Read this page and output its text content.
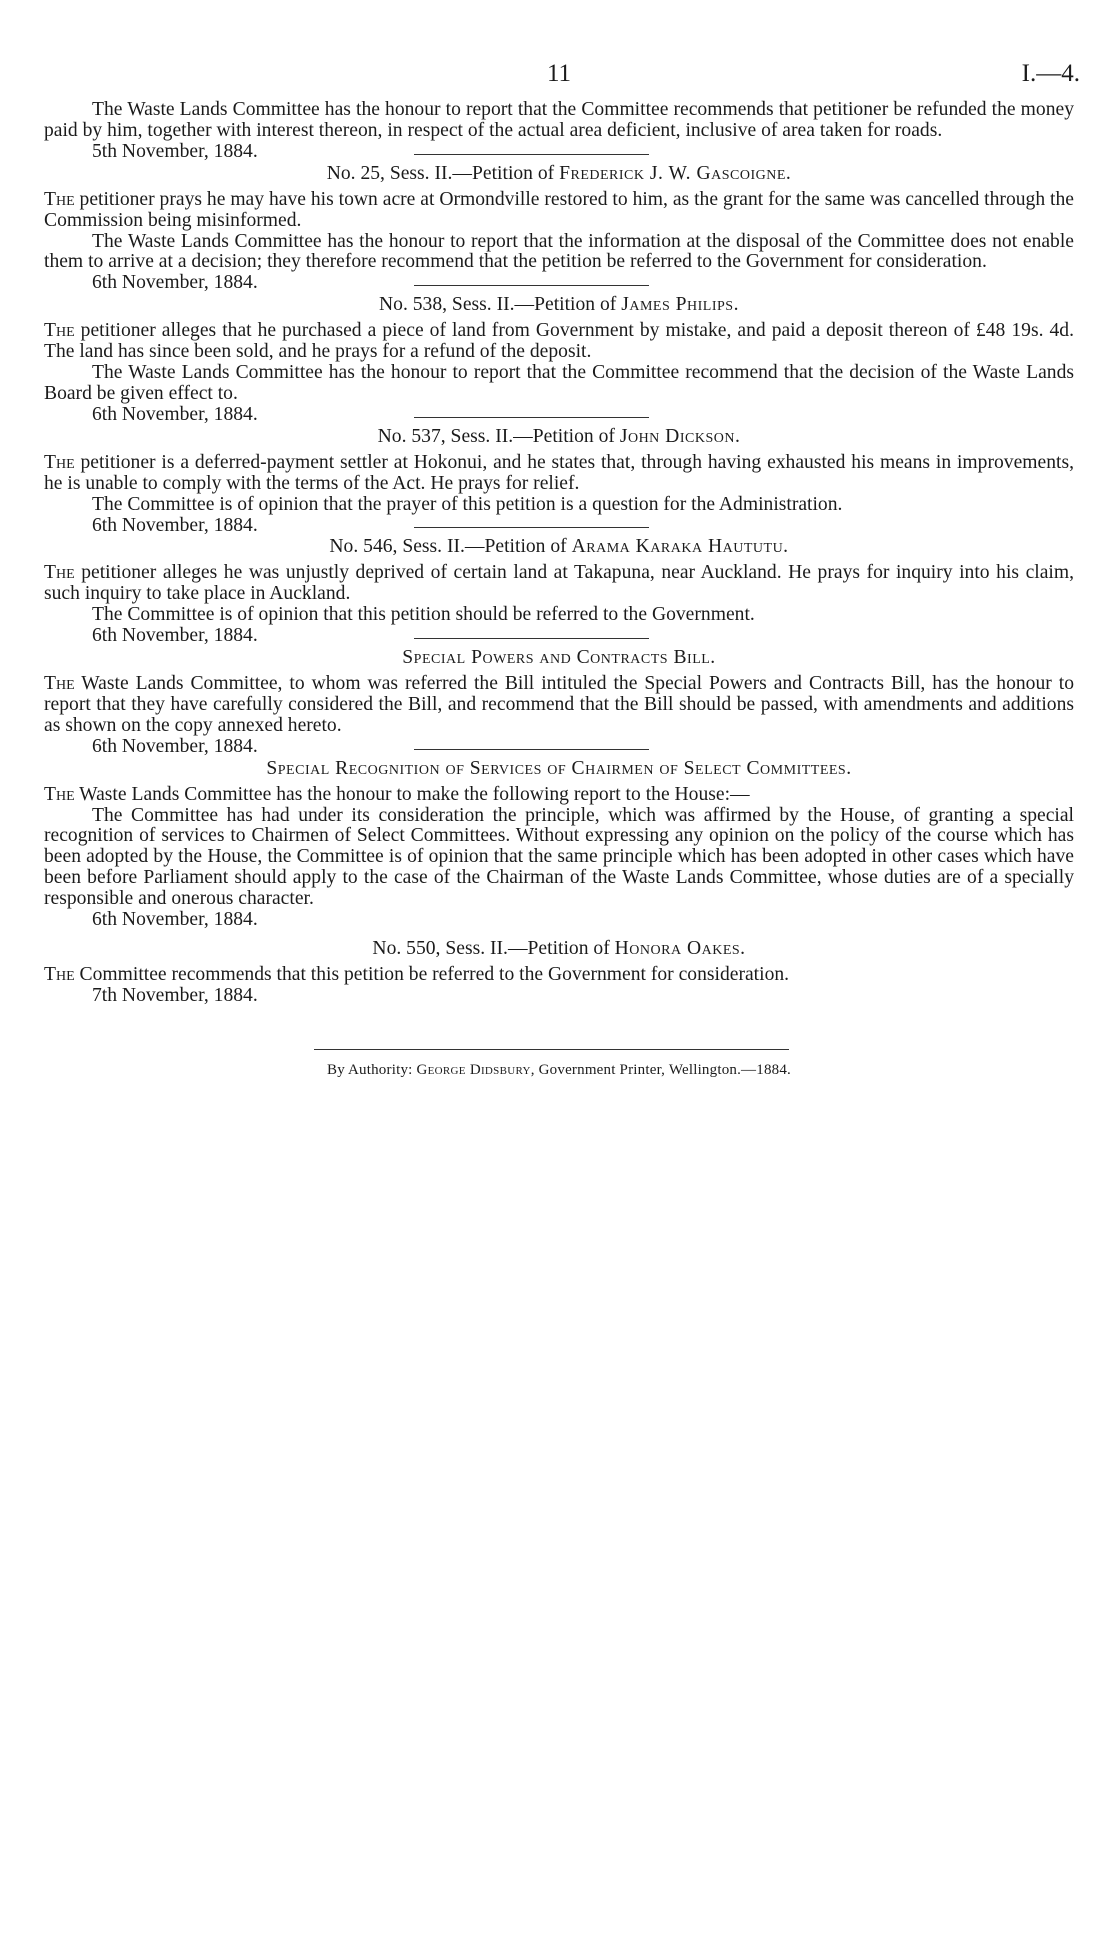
11	I.—4.

The Waste Lands Committee has the honour to report that the Committee recommends that petitioner be refunded the money paid by him, together with interest thereon, in respect of the actual area deficient, inclusive of area taken for roads.

5th November, 1884.

No. 25, Sess. II.—Petition of Frederick J. W. Gascoigne.

The petitioner prays he may have his town acre at Ormondville restored to him, as the grant for the same was cancelled through the Commission being misinformed.

The Waste Lands Committee has the honour to report that the information at the disposal of the Committee does not enable them to arrive at a decision; they therefore recommend that the petition be referred to the Government for consideration.

6th November, 1884.

No. 538, Sess. II.—Petition of James Philips.

The petitioner alleges that he purchased a piece of land from Government by mistake, and paid a deposit thereon of £48 19s. 4d. The land has since been sold, and he prays for a refund of the deposit.

The Waste Lands Committee has the honour to report that the Committee recommend that the decision of the Waste Lands Board be given effect to.

6th November, 1884.

No. 537, Sess. II.—Petition of John Dickson.

The petitioner is a deferred-payment settler at Hokonui, and he states that, through having exhausted his means in improvements, he is unable to comply with the terms of the Act. He prays for relief.

The Committee is of opinion that the prayer of this petition is a question for the Administration.

6th November, 1884.

No. 546, Sess. II.—Petition of Arama Karaka Haututu.

The petitioner alleges he was unjustly deprived of certain land at Takapuna, near Auckland. He prays for inquiry into his claim, such inquiry to take place in Auckland.

The Committee is of opinion that this petition should be referred to the Government.

6th November, 1884.

Special Powers and Contracts Bill.

The Waste Lands Committee, to whom was referred the Bill intituled the Special Powers and Contracts Bill, has the honour to report that they have carefully considered the Bill, and recommend that the Bill should be passed, with amendments and additions as shown on the copy annexed hereto.

6th November, 1884.

Special Recognition of Services of Chairmen of Select Committees.

The Waste Lands Committee has the honour to make the following report to the House:—

The Committee has had under its consideration the principle, which was affirmed by the House, of granting a special recognition of services to Chairmen of Select Committees. Without expressing any opinion on the policy of the course which has been adopted by the House, the Committee is of opinion that the same principle which has been adopted in other cases which have been before Parliament should apply to the case of the Chairman of the Waste Lands Committee, whose duties are of a specially responsible and onerous character.

6th November, 1884.

No. 550, Sess. II.—Petition of Honora Oakes.

The Committee recommends that this petition be referred to the Government for consideration.

7th November, 1884.

By Authority: George Didsbury, Government Printer, Wellington.—1884.
